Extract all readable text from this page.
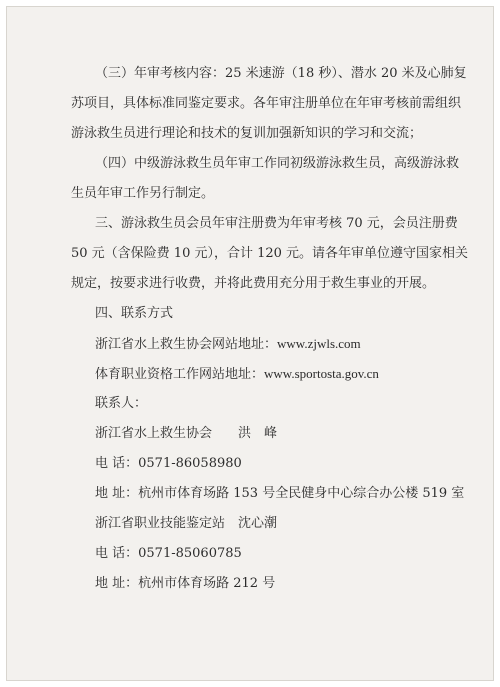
（三）年审考核内容：25 米速游（18 秒）、潜水 20 米及心肺复
苏项目，具体标准同鉴定要求。各年审注册单位在年审考核前需组织
游泳救生员进行理论和技术的复训加强新知识的学习和交流；
（四）中级游泳救生员年审工作同初级游泳救生员，高级游泳救
生员年审工作另行制定。
三、游泳救生员会员年审注册费为年审考核 70 元，会员注册费
50 元（含保险费 10 元），合计 120 元。请各年审单位遵守国家相关
规定，按要求进行收费，并将此费用充分用于救生事业的开展。
四、联系方式
浙江省水上救生协会网站地址：www.zjwls.com
体育职业资格工作网站地址：www.sportosta.gov.cn
联系人：
浙江省水上救生协会　　洪　峰
电 话：0571-86058980
地 址：杭州市体育场路 153 号全民健身中心综合办公楼 519 室
浙江省职业技能鉴定站　沈心潮
电 话：0571-85060785
地 址：杭州市体育场路 212 号
